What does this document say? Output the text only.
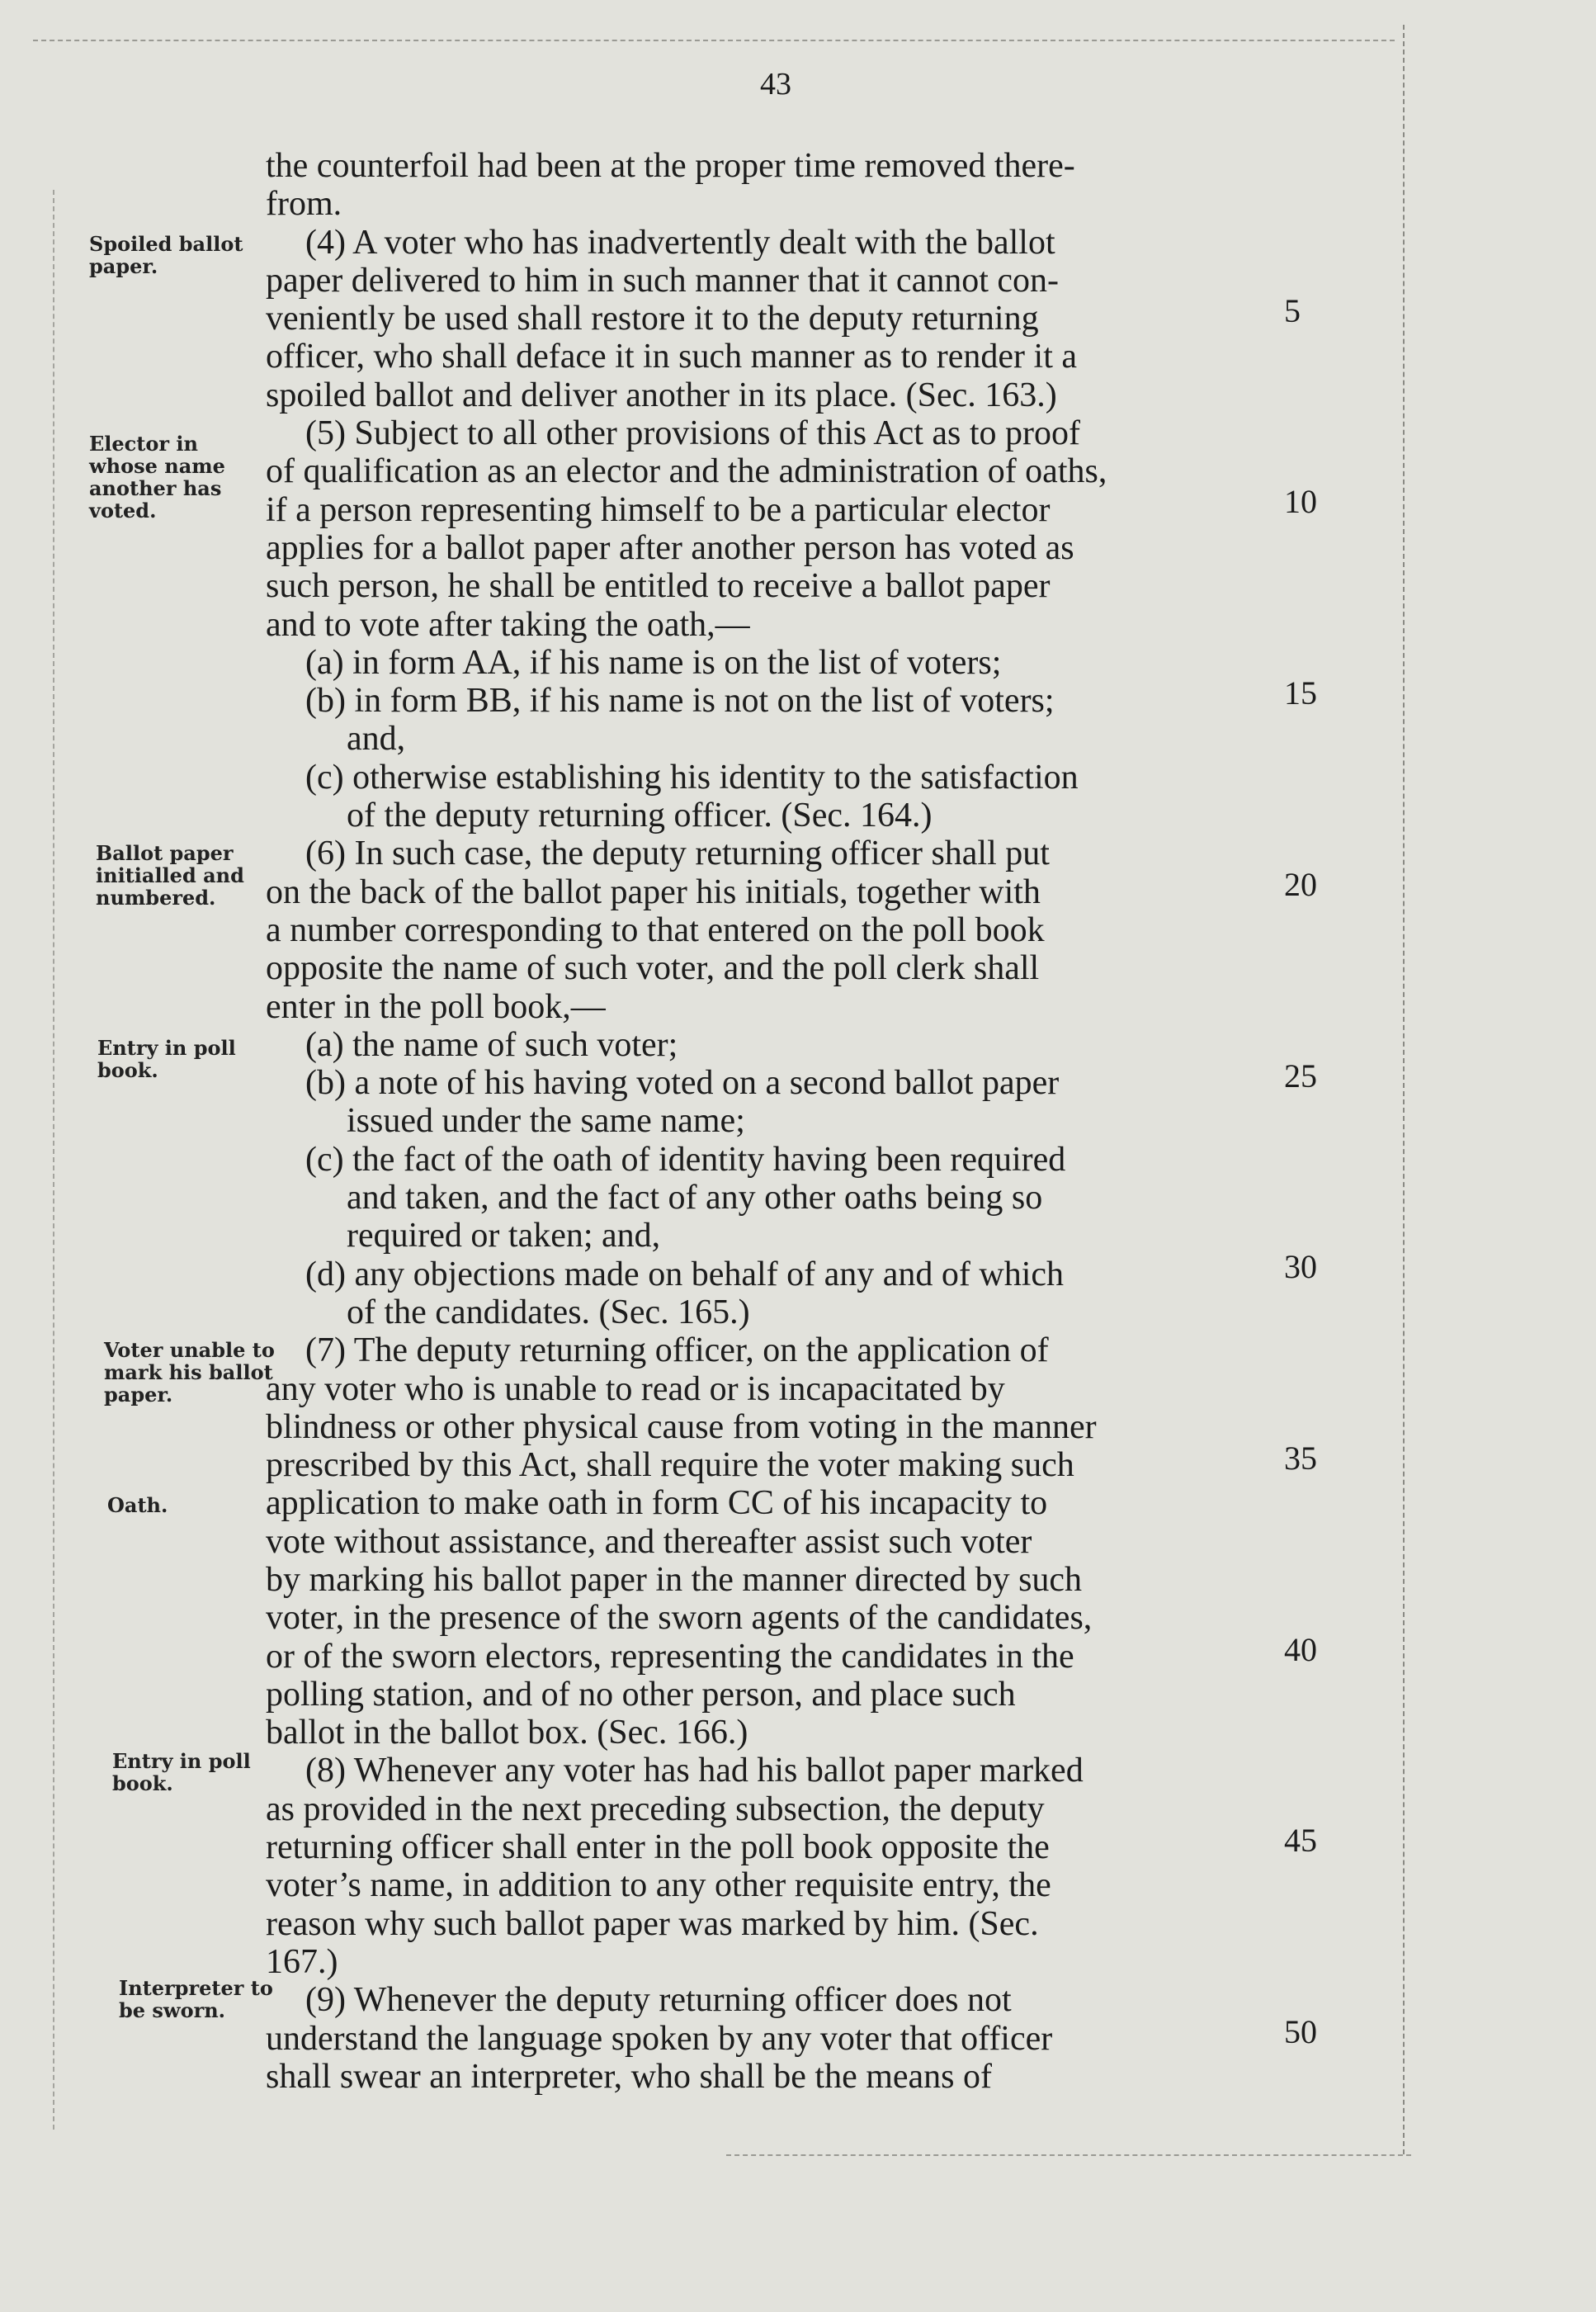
43
Spoiled ballot paper.
Elector in whose name another has voted.
Ballot paper initialled and numbered.
Entry in poll book.
Voter unable to mark his ballot paper.
Oath.
Entry in poll book.
Interpreter to be sworn.
5
10
15
20
25
30
35
40
45
50
the counterfoil had been at the proper time removed there-
from.
(4) A voter who has inadvertently dealt with the ballot
paper delivered to him in such manner that it cannot con-
veniently be used shall restore it to the deputy returning
officer, who shall deface it in such manner as to render it a
spoiled ballot and deliver another in its place. (Sec. 163.)
(5) Subject to all other provisions of this Act as to proof
of qualification as an elector and the administration of oaths,
if a person representing himself to be a particular elector
applies for a ballot paper after another person has voted as
such person, he shall be entitled to receive a ballot paper
and to vote after taking the oath,—
(a) in form AA, if his name is on the list of voters;
(b) in form BB, if his name is not on the list of voters;
and,
(c) otherwise establishing his identity to the satisfaction
of the deputy returning officer. (Sec. 164.)
(6) In such case, the deputy returning officer shall put
on the back of the ballot paper his initials, together with
a number corresponding to that entered on the poll book
opposite the name of such voter, and the poll clerk shall
enter in the poll book,—
(a) the name of such voter;
(b) a note of his having voted on a second ballot paper
issued under the same name;
(c) the fact of the oath of identity having been required
and taken, and the fact of any other oaths being so
required or taken; and,
(d) any objections made on behalf of any and of which
of the candidates. (Sec. 165.)
(7) The deputy returning officer, on the application of
any voter who is unable to read or is incapacitated by
blindness or other physical cause from voting in the manner
prescribed by this Act, shall require the voter making such
application to make oath in form CC of his incapacity to
vote without assistance, and thereafter assist such voter
by marking his ballot paper in the manner directed by such
voter, in the presence of the sworn agents of the candidates,
or of the sworn electors, representing the candidates in the
polling station, and of no other person, and place such
ballot in the ballot box. (Sec. 166.)
(8) Whenever any voter has had his ballot paper marked
as provided in the next preceding subsection, the deputy
returning officer shall enter in the poll book opposite the
voter’s name, in addition to any other requisite entry, the
reason why such ballot paper was marked by him. (Sec.
167.)
(9) Whenever the deputy returning officer does not
understand the language spoken by any voter that officer
shall swear an interpreter, who shall be the means of
